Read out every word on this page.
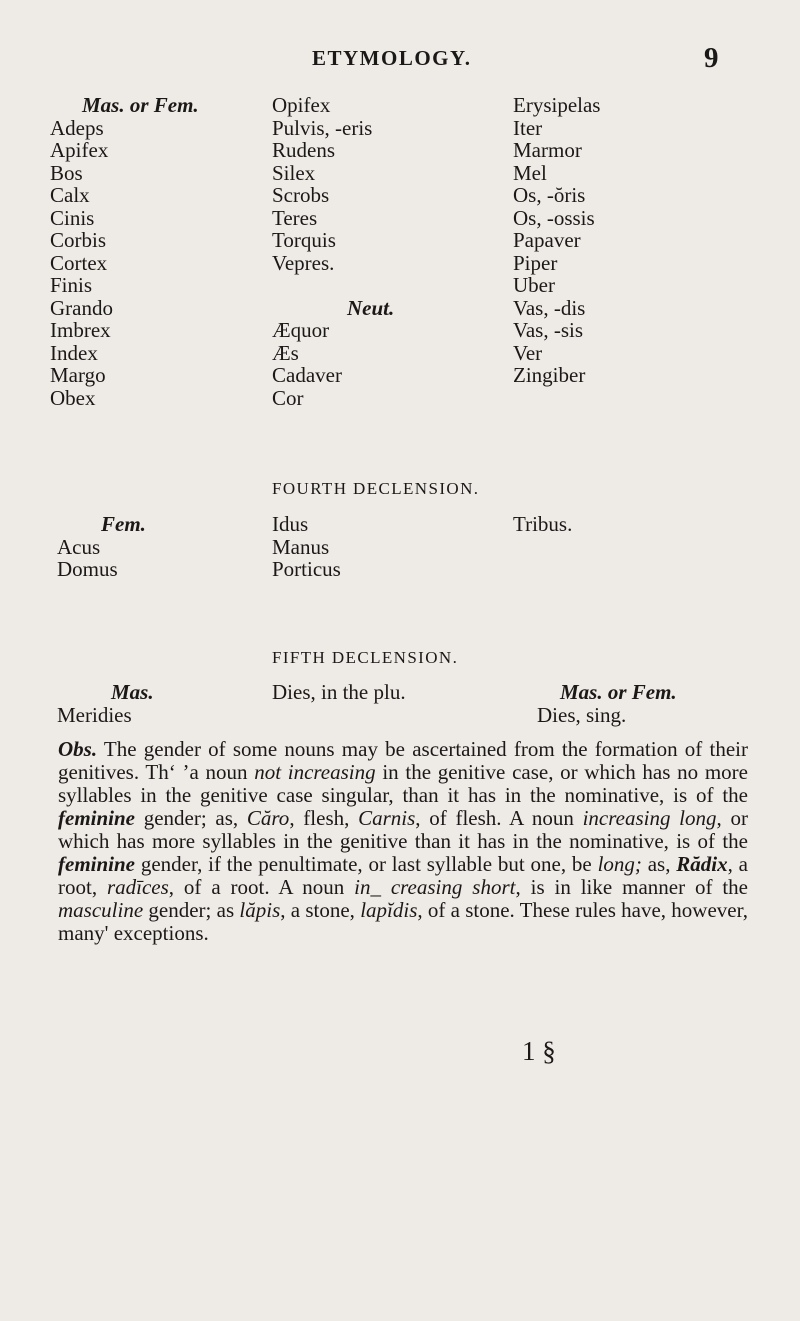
ETYMOLOGY.	9
Mas. or Fem.
Adeps
Apifex
Bos
Calx
Cinis
Corbis
Cortex
Finis
Grando
Imbrex
Index
Margo
Obex
Opifex
Pulvis, -eris
Rudens
Silex
Scrobs
Teres
Torquis
Vepres.
Neut.
Æquor
Æs
Cadaver
Cor
Erysipelas
Iter
Marmor
Mel
Os, -ŏris
Os, -ossis
Papaver
Piper
Uber
Vas, -dis
Vas, -sis
Ver
Zingiber
FOURTH DECLENSION.
Fem.
Acus
Domus
Idus
Manus
Porticus
Tribus.
FIFTH DECLENSION.
Mas.
Meridies
Dies, in the plu.	Mas. or Fem.
Dies, sing.

Obs. The gender of some nouns may be ascertained from the formation of their genitives. Thʻ ʼa noun not increasing in the genitive case, or which has no more syllables in the genitive case singular, than it has in the nominative, is of the feminine gender; as, Căro, flesh, Carnis, of flesh. A noun increasing long, or which has more syllables in the genitive than it has in the nominative, is of the feminine gender, if the penultimate, or last syllable but one, be long; as, Rădix, a root, radīces, of a root. A noun in_ creasing short, is in like manner of the masculine gender; as lăpis, a stone, lapĭdis, of a stone. These rules have, however, many' exceptions.

1 §
